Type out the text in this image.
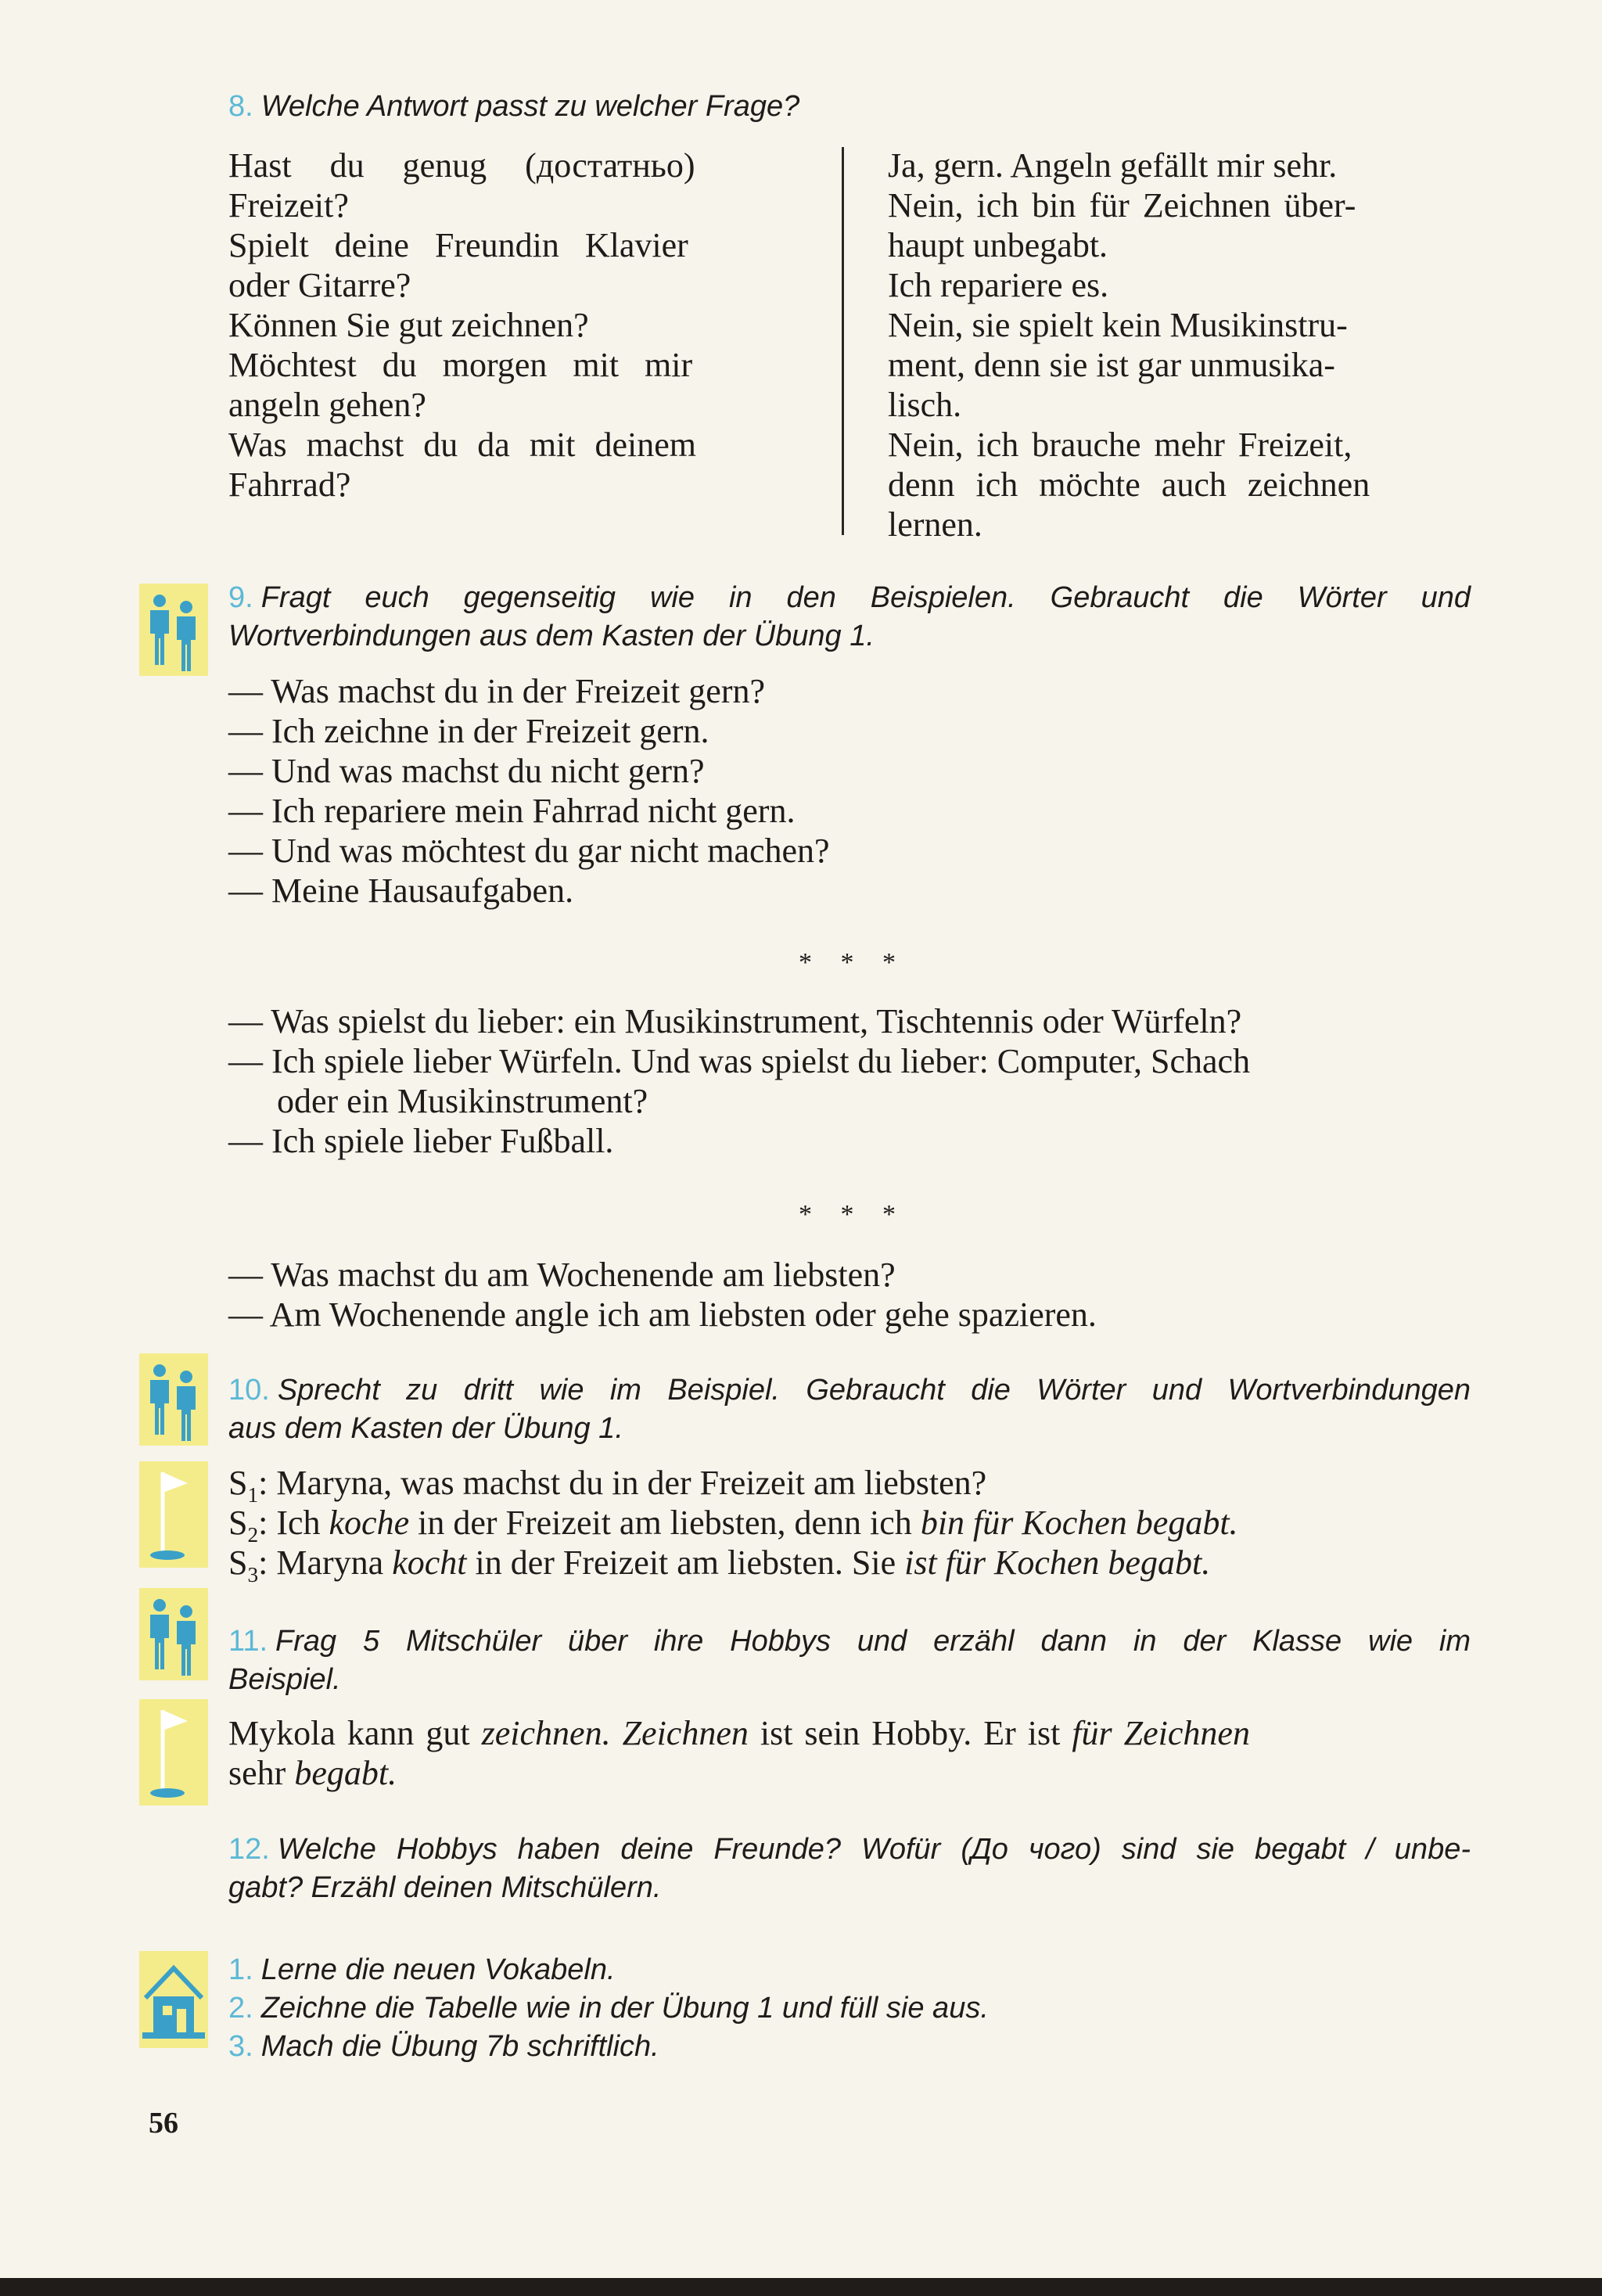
8. Welche Antwort passt zu welcher Frage?
Hast du genug (достатньо)
Freizeit?
Spielt deine Freundin Klavier
oder Gitarre?
Können Sie gut zeichnen?
Möchtest du morgen mit mir
angeln gehen?
Was machst du da mit deinem
Fahrrad?
Ja, gern. Angeln gefällt mir sehr.
Nein, ich bin für Zeichnen über-
haupt unbegabt.
Ich repariere es.
Nein, sie spielt kein Musikinstru-
ment, denn sie ist gar unmusika-
lisch.
Nein, ich brauche mehr Freizeit,
denn ich möchte auch zeichnen
lernen.
9. Fragt euch gegenseitig wie in den Beispielen. Gebraucht die Wörter und
Wortverbindungen aus dem Kasten der Übung 1.
— Was machst du in der Freizeit gern?
— Ich zeichne in der Freizeit gern.
— Und was machst du nicht gern?
— Ich repariere mein Fahrrad nicht gern.
— Und was möchtest du gar nicht machen?
— Meine Hausaufgaben.
* * *
— Was spielst du lieber: ein Musikinstrument, Tischtennis oder Würfeln?
— Ich spiele lieber Würfeln. Und was spielst du lieber: Computer, Schach
oder ein Musikinstrument?
— Ich spiele lieber Fußball.
* * *
— Was machst du am Wochenende am liebsten?
— Am Wochenende angle ich am liebsten oder gehe spazieren.
10. Sprecht zu dritt wie im Beispiel. Gebraucht die Wörter und Wortverbindungen
aus dem Kasten der Übung 1.
$S_1$: Maryna, was machst du in der Freizeit am liebsten?
$S_2$: Ich koche in der Freizeit am liebsten, denn ich bin für Kochen begabt.
$S_3$: Maryna kocht in der Freizeit am liebsten. Sie ist für Kochen begabt.
11. Frag 5 Mitschüler über ihre Hobbys und erzähl dann in der Klasse wie im
Beispiel.
Mykola kann gut zeichnen. Zeichnen ist sein Hobby. Er ist für Zeichnen
sehr begabt.
12. Welche Hobbys haben deine Freunde? Wofür (До чого) sind sie begabt / unbe-
gabt? Erzähl deinen Mitschülern.
1. Lerne die neuen Vokabeln.
2. Zeichne die Tabelle wie in der Übung 1 und füll sie aus.
3. Mach die Übung 7b schriftlich.
56
